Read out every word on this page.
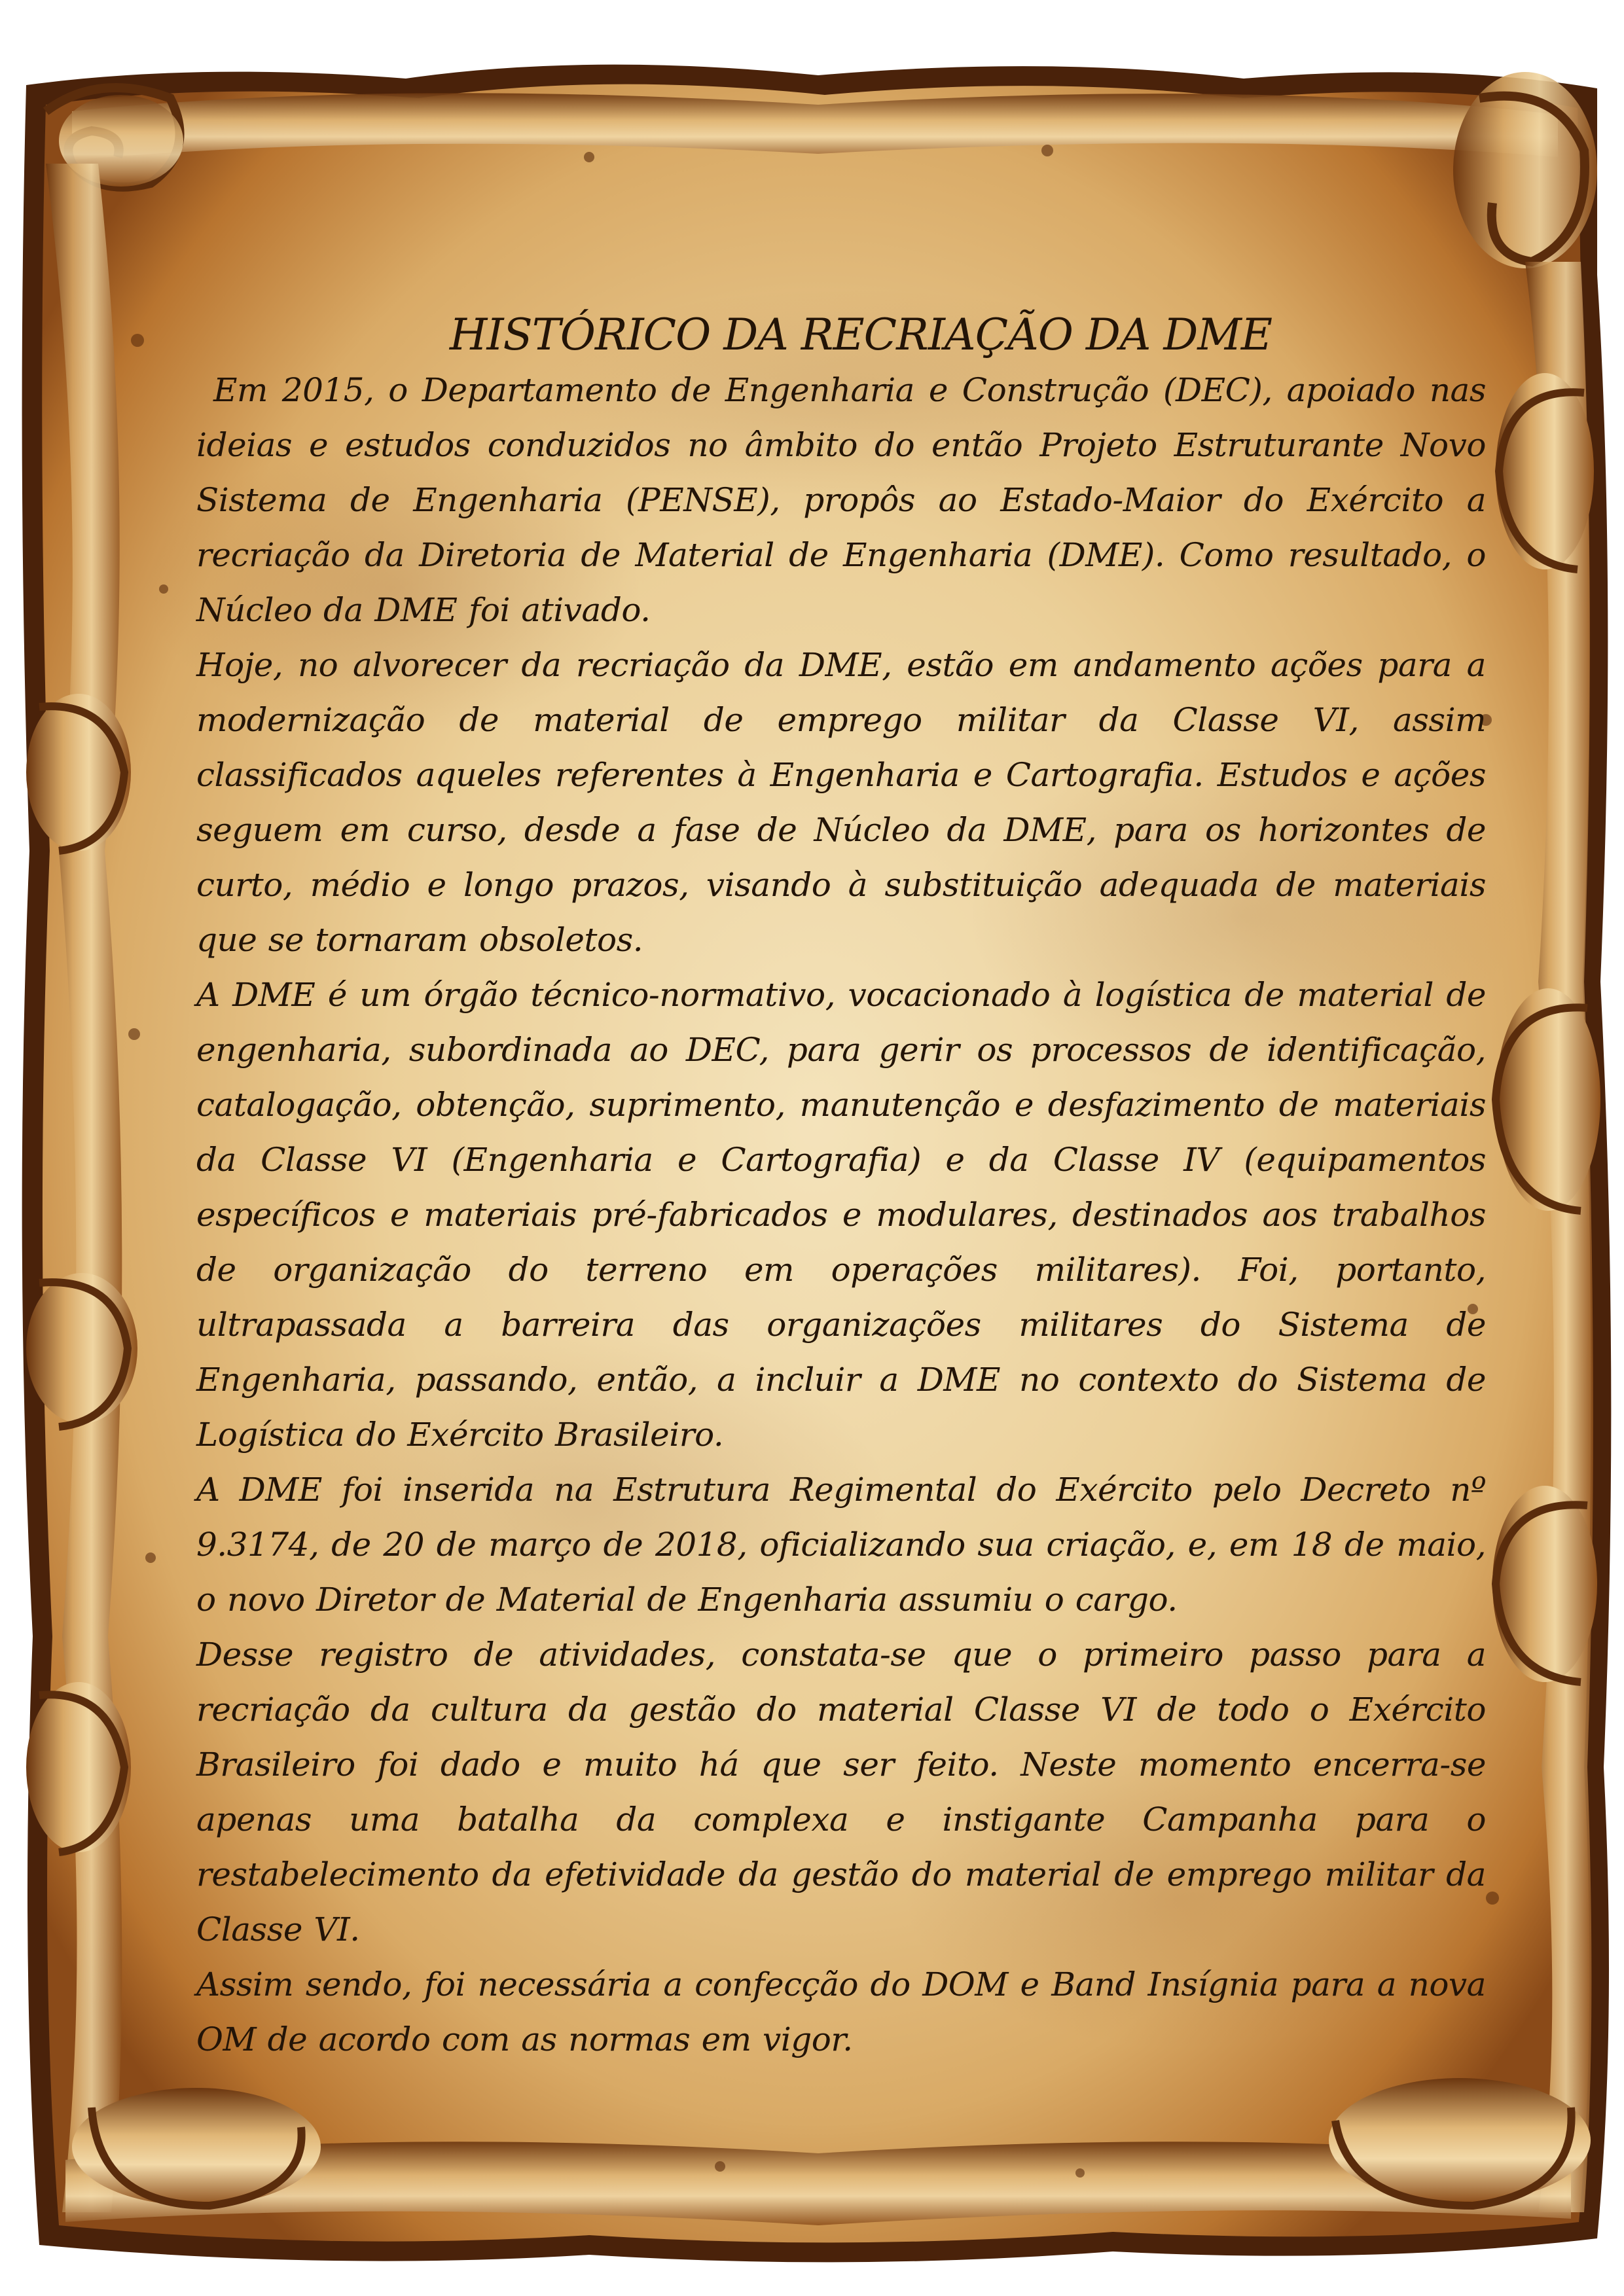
HISTÓRICO DA RECRIAÇÃO DA DME

Em 2015, o Departamento de Engenharia e Construção (DEC), apoiado nas ideias e estudos conduzidos no âmbito do então Projeto Estruturante Novo Sistema de Engenharia (PENSE), propôs ao Estado-Maior do Exército a recriação da Diretoria de Material de Engenharia (DME). Como resultado, o Núcleo da DME foi ativado.

Hoje, no alvorecer da recriação da DME, estão em andamento ações para a modernização de material de emprego militar da Classe VI, assim classificados aqueles referentes à Engenharia e Cartografia. Estudos e ações seguem em curso, desde a fase de Núcleo da DME, para os horizontes de curto, médio e longo prazos, visando à substituição adequada de materiais que se tornaram obsoletos.

A DME é um órgão técnico-normativo, vocacionado à logística de material de engenharia, subordinada ao DEC, para gerir os processos de identificação, catalogação, obtenção, suprimento, manutenção e desfazimento de materiais da Classe VI (Engenharia e Cartografia) e da Classe IV (equipamentos específicos e materiais pré-fabricados e modulares, destinados aos trabalhos de organização do terreno em operações militares). Foi, portanto, ultrapassada a barreira das organizações militares do Sistema de Engenharia, passando, então, a incluir a DME no contexto do Sistema de Logística do Exército Brasileiro.

A DME foi inserida na Estrutura Regimental do Exército pelo Decreto nº 9.3174, de 20 de março de 2018, oficializando sua criação, e, em 18 de maio, o novo Diretor de Material de Engenharia assumiu o cargo.

Desse registro de atividades, constata-se que o primeiro passo para a recriação da cultura da gestão do material Classe VI de todo o Exército Brasileiro foi dado e muito há que ser feito. Neste momento encerra-se apenas uma batalha da complexa e instigante Campanha para o restabelecimento da efetividade da gestão do material de emprego militar da Classe VI.

Assim sendo, foi necessária a confecção do DOM e Band Insígnia para a nova OM de acordo com as normas em vigor.
